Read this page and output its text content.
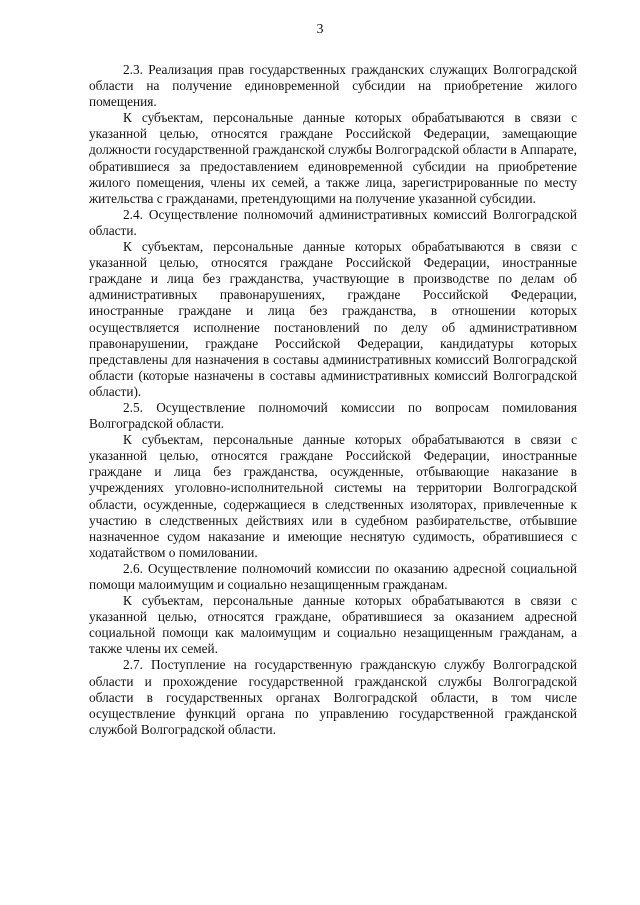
3

2.3. Реализация прав государственных гражданских служащих Волгоградской области на получение единовременной субсидии на приобретение жилого помещения.

К субъектам, персональные данные которых обрабатываются в связи с указанной целью, относятся граждане Российской Федерации, замещающие должности государственной гражданской службы Волгоградской области в Аппарате, обратившиеся за предоставлением единовременной субсидии на приобретение жилого помещения, члены их семей, а также лица, зарегистрированные по месту жительства с гражданами, претендующими на получение указанной субсидии.

2.4. Осуществление полномочий административных комиссий Волгоградской области.

К субъектам, персональные данные которых обрабатываются в связи с указанной целью, относятся граждане Российской Федерации, иностранные граждане и лица без гражданства, участвующие в производстве по делам об административных правонарушениях, граждане Российской Федерации, иностранные граждане и лица без гражданства, в отношении которых осуществляется исполнение постановлений по делу об административном правонарушении, граждане Российской Федерации, кандидатуры которых представлены для назначения в составы административных комиссий Волгоградской области (которые назначены в составы административных комиссий Волгоградской области).

2.5. Осуществление полномочий комиссии по вопросам помилования Волгоградской области.

К субъектам, персональные данные которых обрабатываются в связи с указанной целью, относятся граждане Российской Федерации, иностранные граждане и лица без гражданства, осужденные, отбывающие наказание в учреждениях уголовно-исполнительной системы на территории Волгоградской области, осужденные, содержащиеся в следственных изоляторах, привлеченные к участию в следственных действиях или в судебном разбирательстве, отбывшие назначенное судом наказание и имеющие неснятую судимость, обратившиеся с ходатайством о помиловании.

2.6. Осуществление полномочий комиссии по оказанию адресной социальной помощи малоимущим и социально незащищенным гражданам.

К субъектам, персональные данные которых обрабатываются в связи с указанной целью, относятся граждане, обратившиеся за оказанием адресной социальной помощи как малоимущим и социально незащищенным гражданам, а также члены их семей.

2.7. Поступление на государственную гражданскую службу Волгоградской области и прохождение государственной гражданской службы Волгоградской области в государственных органах Волгоградской области, в том числе осуществление функций органа по управлению государственной гражданской службой Волгоградской области.
